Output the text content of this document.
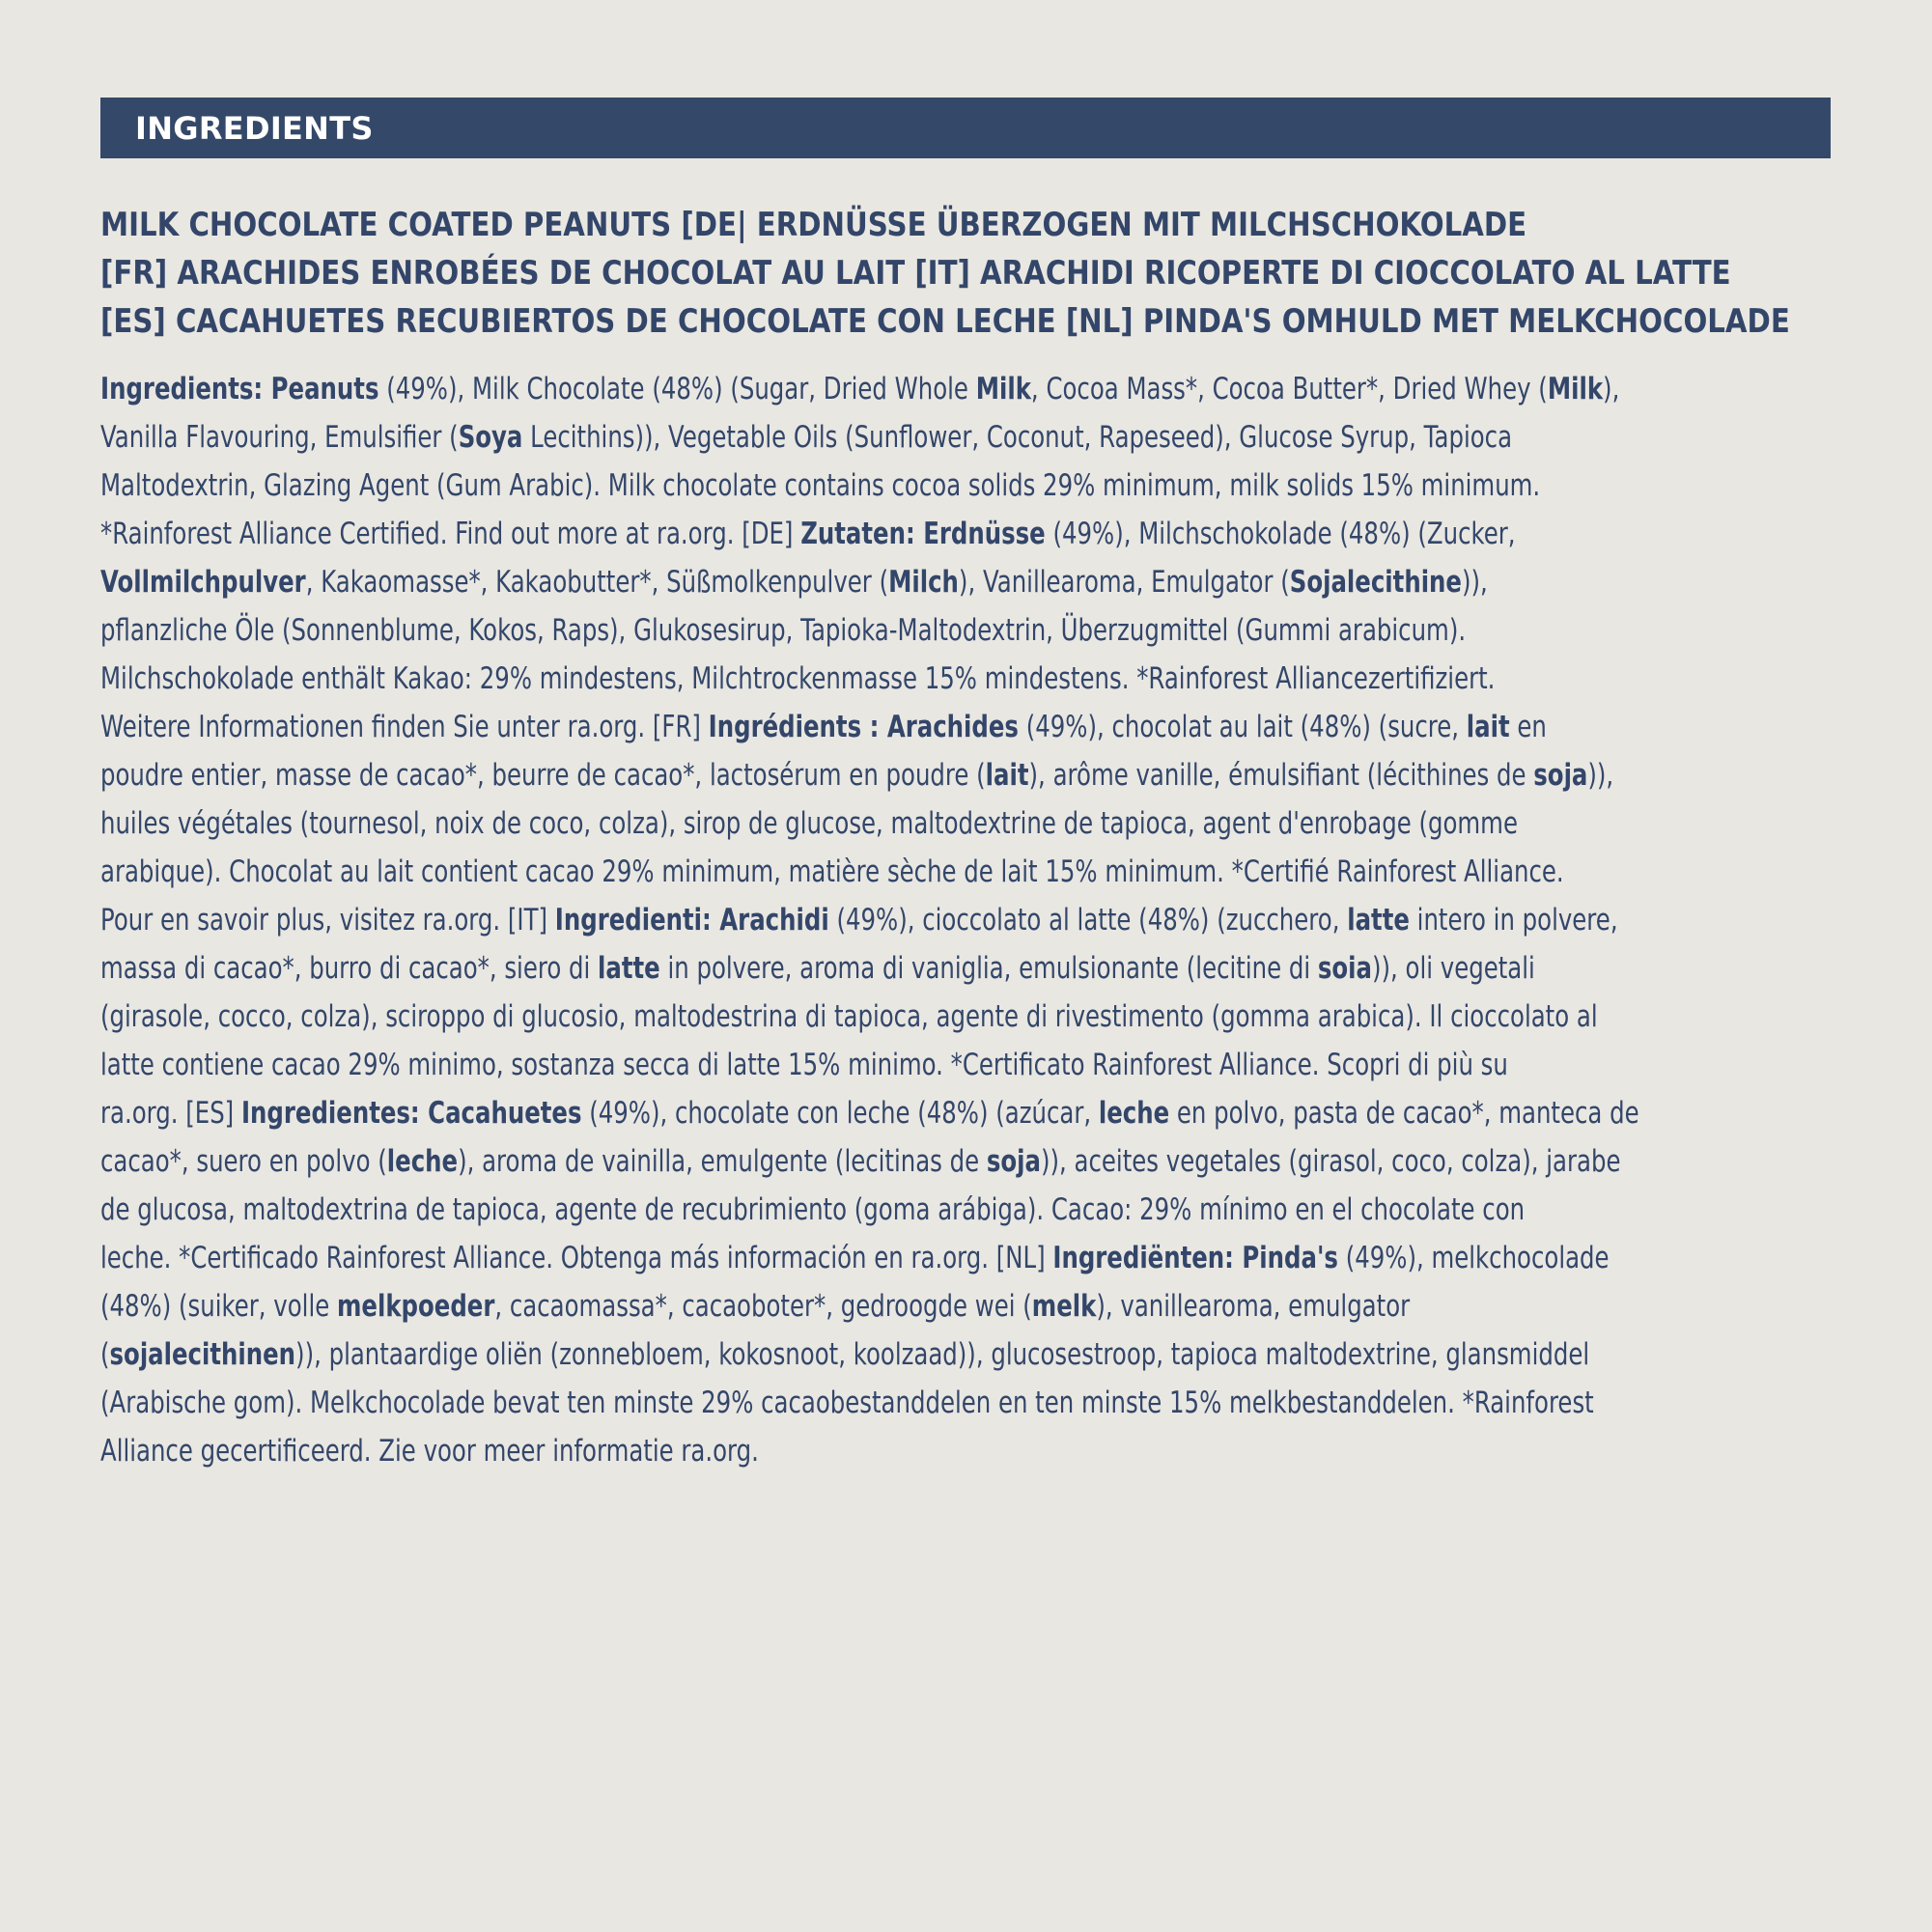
INGREDIENTS
MILK CHOCOLATE COATED PEANUTS [DE| ERDNÜSSE ÜBERZOGEN MIT MILCHSCHOKOLADE
[FR] ARACHIDES ENROBÉES DE CHOCOLAT AU LAIT [IT] ARACHIDI RICOPERTE DI CIOCCOLATO AL LATTE
[ES] CACAHUETES RECUBIERTOS DE CHOCOLATE CON LECHE [NL] PINDA'S OMHULD MET MELKCHOCOLADE
Ingredients: Peanuts (49%), Milk Chocolate (48%) (Sugar, Dried Whole Milk, Cocoa Mass*, Cocoa Butter*, Dried Whey (Milk),
Vanilla Flavouring, Emulsifier (Soya Lecithins)), Vegetable Oils (Sunflower, Coconut, Rapeseed), Glucose Syrup, Tapioca
Maltodextrin, Glazing Agent (Gum Arabic). Milk chocolate contains cocoa solids 29% minimum, milk solids 15% minimum.
*Rainforest Alliance Certified. Find out more at ra.org. [DE] Zutaten: Erdnüsse (49%), Milchschokolade (48%) (Zucker,
Vollmilchpulver, Kakaomasse*, Kakaobutter*, Süßmolkenpulver (Milch), Vanillearoma, Emulgator (Sojalecithine)),
pflanzliche Öle (Sonnenblume, Kokos, Raps), Glukosesirup, Tapioka-Maltodextrin, Überzugmittel (Gummi arabicum).
Milchschokolade enthält Kakao: 29% mindestens, Milchtrockenmasse 15% mindestens. *Rainforest Alliancezertifiziert.
Weitere Informationen finden Sie unter ra.org. [FR] Ingrédients : Arachides (49%), chocolat au lait (48%) (sucre, lait en
poudre entier, masse de cacao*, beurre de cacao*, lactosérum en poudre (lait), arôme vanille, émulsifiant (lécithines de soja)),
huiles végétales (tournesol, noix de coco, colza), sirop de glucose, maltodextrine de tapioca, agent d'enrobage (gomme
arabique). Chocolat au lait contient cacao 29% minimum, matière sèche de lait 15% minimum. *Certifié Rainforest Alliance.
Pour en savoir plus, visitez ra.org. [IT] Ingredienti: Arachidi (49%), cioccolato al latte (48%) (zucchero, latte intero in polvere,
massa di cacao*, burro di cacao*, siero di latte in polvere, aroma di vaniglia, emulsionante (lecitine di soia)), oli vegetali
(girasole, cocco, colza), sciroppo di glucosio, maltodestrina di tapioca, agente di rivestimento (gomma arabica). Il cioccolato al
latte contiene cacao 29% minimo, sostanza secca di latte 15% minimo. *Certificato Rainforest Alliance. Scopri di più su
ra.org. [ES] Ingredientes: Cacahuetes (49%), chocolate con leche (48%) (azúcar, leche en polvo, pasta de cacao*, manteca de
cacao*, suero en polvo (leche), aroma de vainilla, emulgente (lecitinas de soja)), aceites vegetales (girasol, coco, colza), jarabe
de glucosa, maltodextrina de tapioca, agente de recubrimiento (goma arábiga). Cacao: 29% mínimo en el chocolate con
leche. *Certificado Rainforest Alliance. Obtenga más información en ra.org. [NL] Ingrediënten: Pinda's (49%), melkchocolade
(48%) (suiker, volle melkpoeder, cacaomassa*, cacaoboter*, gedroogde wei (melk), vanillearoma, emulgator
(sojalecithinen)), plantaardige oliën (zonnebloem, kokosnoot, koolzaad)), glucosestroop, tapioca maltodextrine, glansmiddel
(Arabische gom). Melkchocolade bevat ten minste 29% cacaobestanddelen en ten minste 15% melkbestanddelen. *Rainforest
Alliance gecertificeerd. Zie voor meer informatie ra.org.
